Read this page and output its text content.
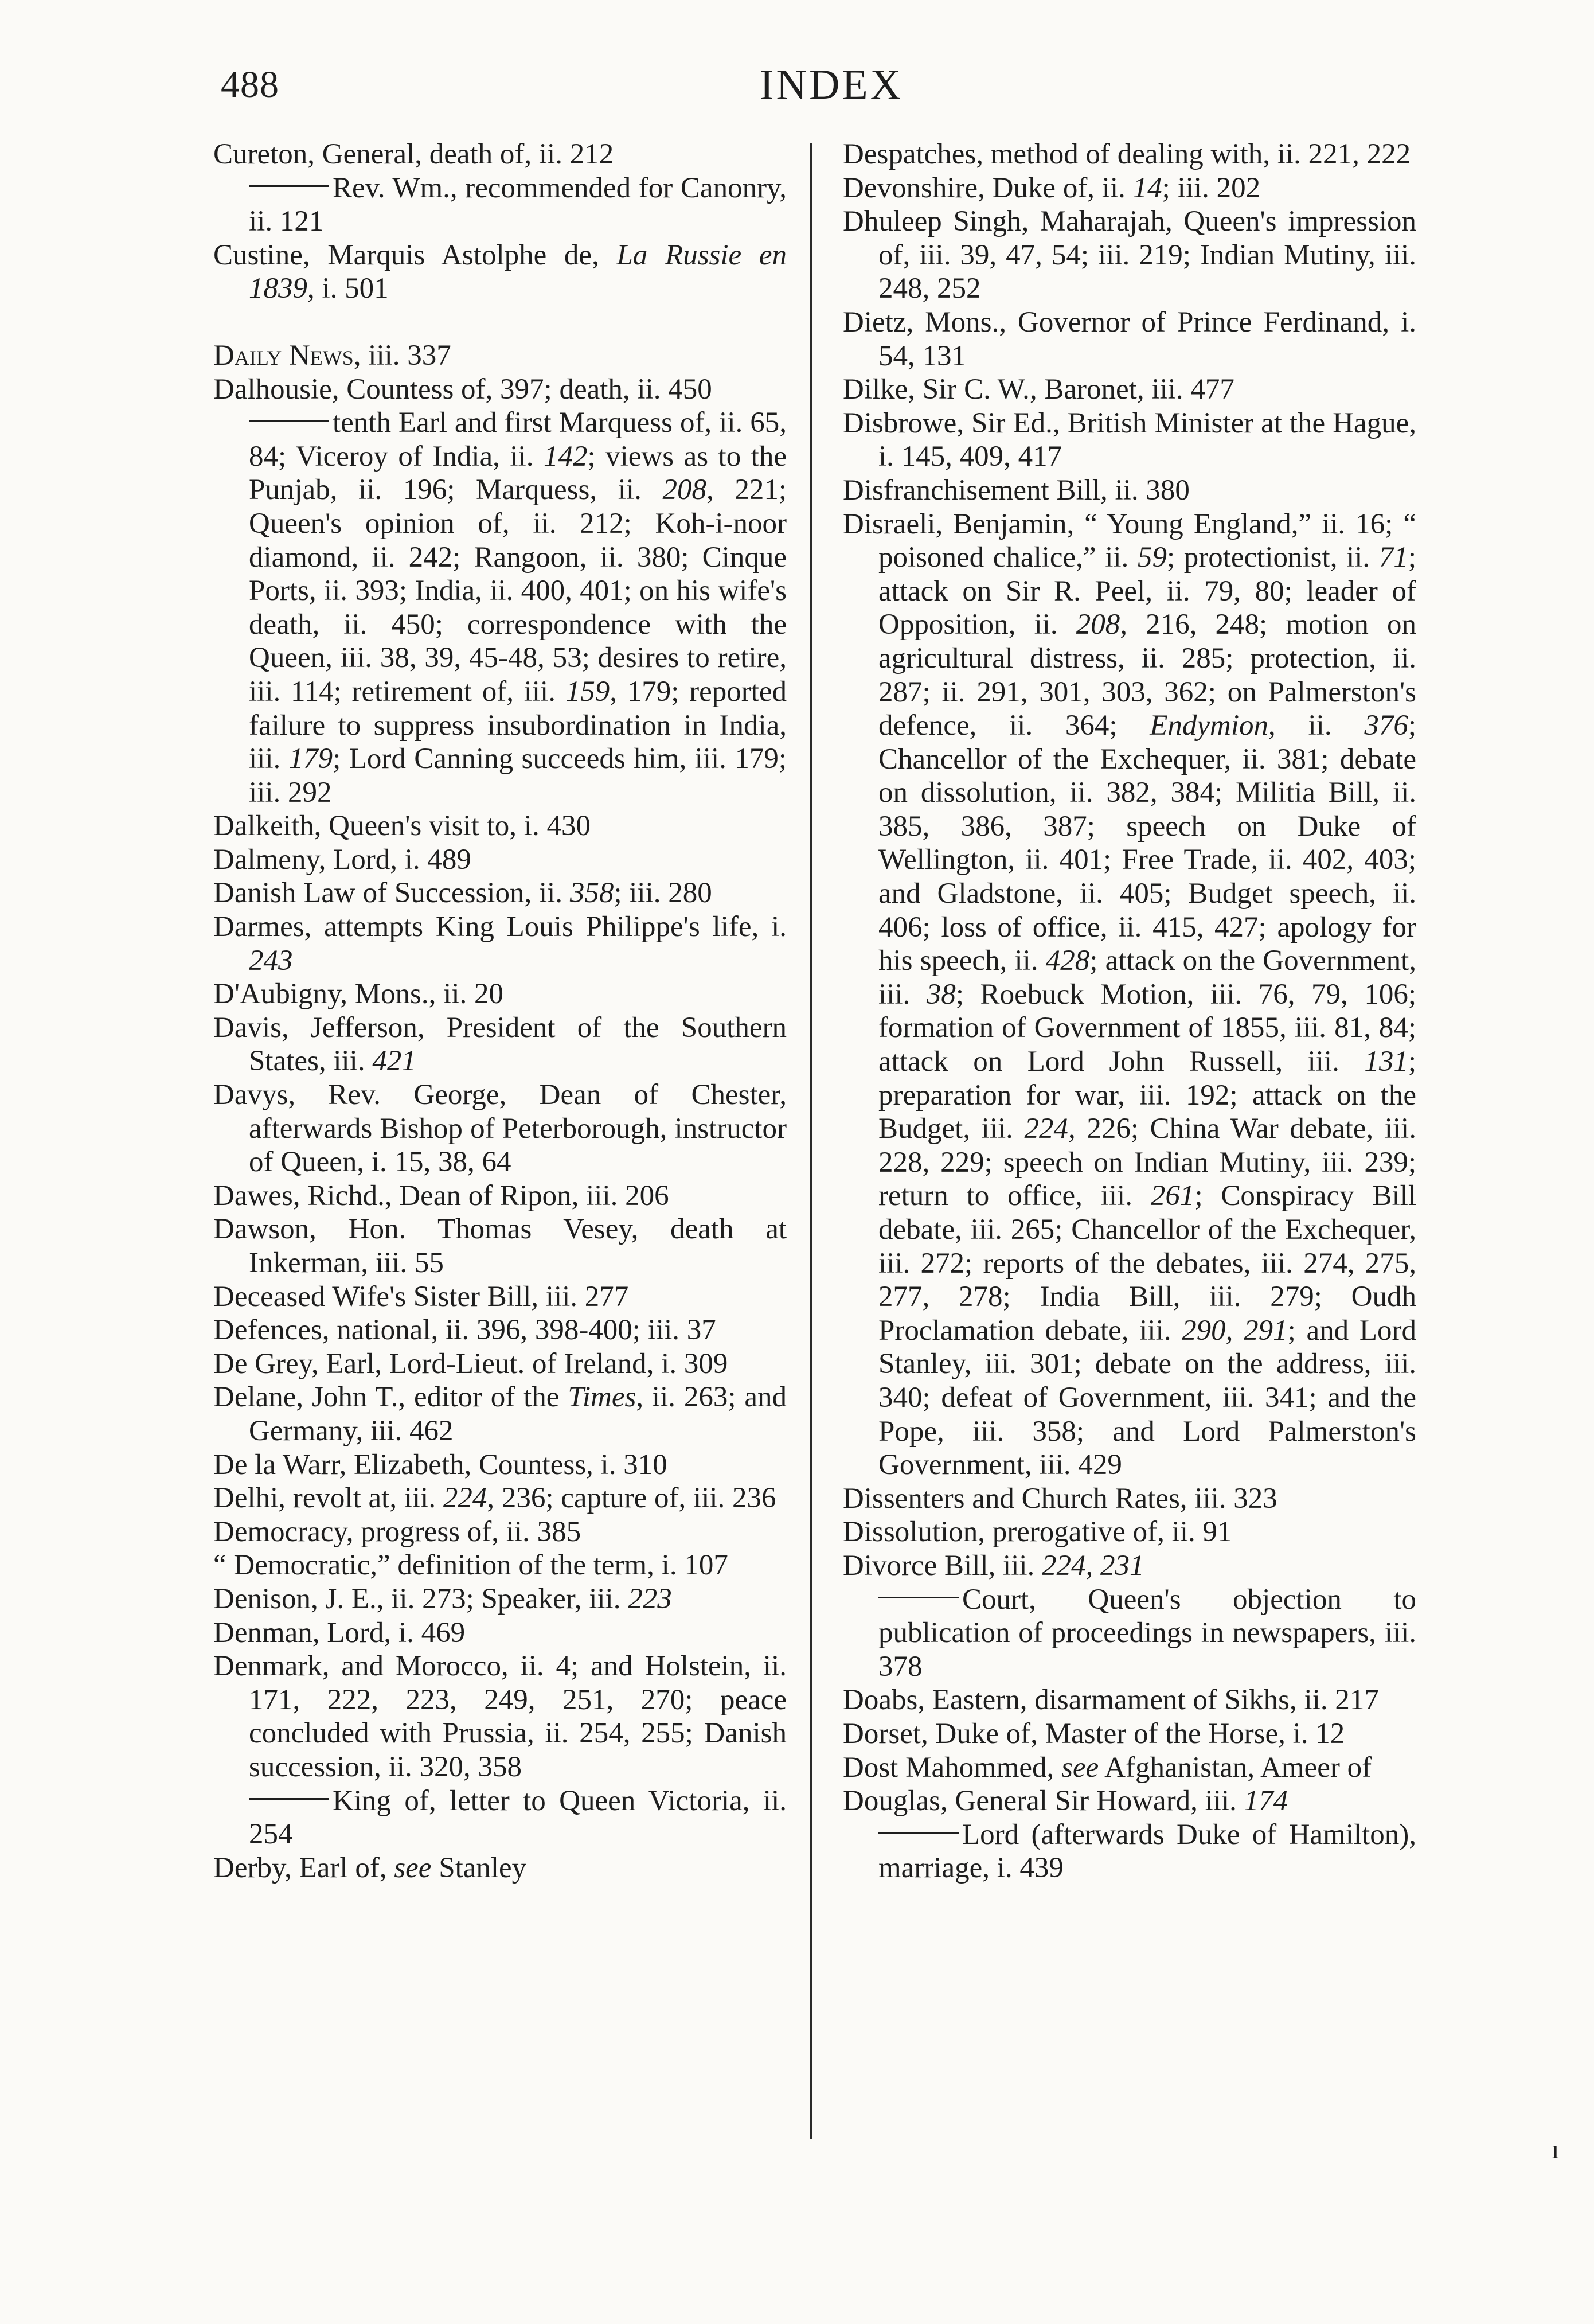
488	INDEX
Cureton, General, death of, ii. 212
Rev. Wm., recommended for Canonry, ii. 121
Custine, Marquis Astolphe de, La Russie en 1839, i. 501
Daily News, iii. 337
Dalhousie, Countess of, 397; death, ii. 450
tenth Earl and first Marquess of, ii. 65, 84; Viceroy of India, ii. 142; views as to the Punjab, ii. 196; Marquess, ii. 208, 221; Queen's opinion of, ii. 212; Koh-i-noor diamond, ii. 242; Rangoon, ii. 380; Cinque Ports, ii. 393; India, ii. 400, 401; on his wife's death, ii. 450; correspondence with the Queen, iii. 38, 39, 45-48, 53; desires to retire, iii. 114; retirement of, iii. 159, 179; reported failure to suppress insubordination in India, iii. 179; Lord Canning succeeds him, iii. 179; iii. 292
Dalkeith, Queen's visit to, i. 430
Dalmeny, Lord, i. 489
Danish Law of Succession, ii. 358; iii. 280
Darmes, attempts King Louis Philippe's life, i. 243
D'Aubigny, Mons., ii. 20
Davis, Jefferson, President of the Southern States, iii. 421
Davys, Rev. George, Dean of Chester, afterwards Bishop of Peterborough, instructor of Queen, i. 15, 38, 64
Dawes, Richd., Dean of Ripon, iii. 206
Dawson, Hon. Thomas Vesey, death at Inkerman, iii. 55
Deceased Wife's Sister Bill, iii. 277
Defences, national, ii. 396, 398-400; iii. 37
De Grey, Earl, Lord-Lieut. of Ireland, i. 309
Delane, John T., editor of the Times, ii. 263; and Germany, iii. 462
De la Warr, Elizabeth, Countess, i. 310
Delhi, revolt at, iii. 224, 236; capture of, iii. 236
Democracy, progress of, ii. 385
“ Democratic,” definition of the term, i. 107
Denison, J. E., ii. 273; Speaker, iii. 223
Denman, Lord, i. 469
Denmark, and Morocco, ii. 4; and Holstein, ii. 171, 222, 223, 249, 251, 270; peace concluded with Prussia, ii. 254, 255; Danish succession, ii. 320, 358
King of, letter to Queen Victoria, ii. 254
Derby, Earl of, see Stanley
Despatches, method of dealing with, ii. 221, 222
Devonshire, Duke of, ii. 14; iii. 202
Dhuleep Singh, Maharajah, Queen's impression of, iii. 39, 47, 54; iii. 219; Indian Mutiny, iii. 248, 252
Dietz, Mons., Governor of Prince Ferdinand, i. 54, 131
Dilke, Sir C. W., Baronet, iii. 477
Disbrowe, Sir Ed., British Minister at the Hague, i. 145, 409, 417
Disfranchisement Bill, ii. 380
Disraeli, Benjamin, “ Young England,” ii. 16; “ poisoned chalice,” ii. 59; protectionist, ii. 71; attack on Sir R. Peel, ii. 79, 80; leader of Opposition, ii. 208, 216, 248; motion on agricultural distress, ii. 285; protection, ii. 287; ii. 291, 301, 303, 362; on Palmerston's defence, ii. 364; Endymion, ii. 376; Chancellor of the Exchequer, ii. 381; debate on dissolution, ii. 382, 384; Militia Bill, ii. 385, 386, 387; speech on Duke of Wellington, ii. 401; Free Trade, ii. 402, 403; and Gladstone, ii. 405; Budget speech, ii. 406; loss of office, ii. 415, 427; apology for his speech, ii. 428; attack on the Government, iii. 38; Roebuck Motion, iii. 76, 79, 106; formation of Government of 1855, iii. 81, 84; attack on Lord John Russell, iii. 131; preparation for war, iii. 192; attack on the Budget, iii. 224, 226; China War debate, iii. 228, 229; speech on Indian Mutiny, iii. 239; return to office, iii. 261; Conspiracy Bill debate, iii. 265; Chancellor of the Exchequer, iii. 272; reports of the debates, iii. 274, 275, 277, 278; India Bill, iii. 279; Oudh Proclamation debate, iii. 290, 291; and Lord Stanley, iii. 301; debate on the address, iii. 340; defeat of Government, iii. 341; and the Pope, iii. 358; and Lord Palmerston's Government, iii. 429
Dissenters and Church Rates, iii. 323
Dissolution, prerogative of, ii. 91
Divorce Bill, iii. 224, 231
Court, Queen's objection to publication of proceedings in newspapers, iii. 378
Doabs, Eastern, disarmament of Sikhs, ii. 217
Dorset, Duke of, Master of the Horse, i. 12
Dost Mahommed, see Afghanistan, Ameer of
Douglas, General Sir Howard, iii. 174
Lord (afterwards Duke of Hamilton), marriage, i. 439
ı
